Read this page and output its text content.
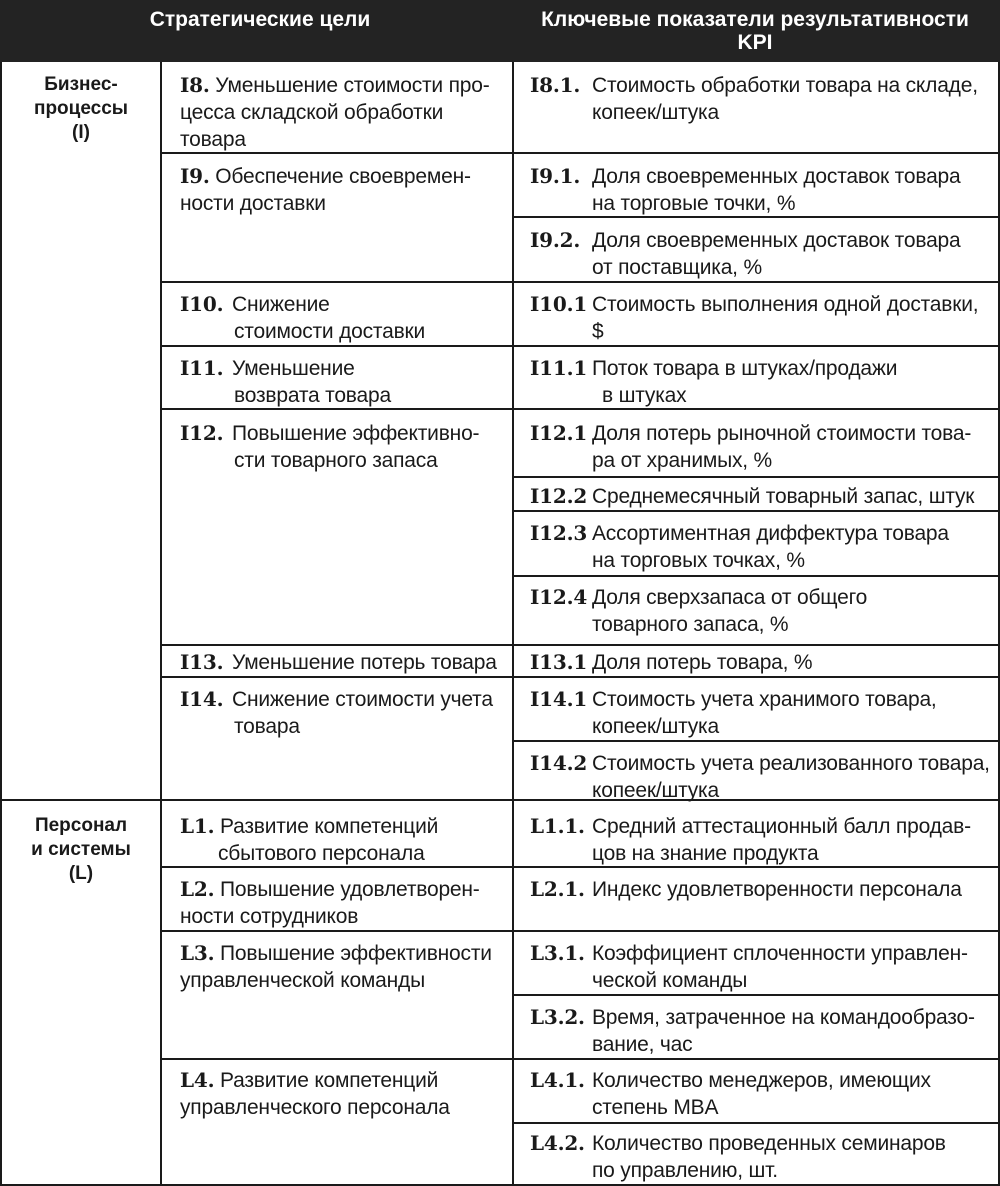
Стратегические цели	Ключевые показатели результативности
KPI
Бизнес-
процессы
(I)
Персонал
и системы
(L)
I8. Уменьшение стоимости про-
цесса складской обработки
товара
I9. Обеспечение своевремен-
ности доставки
I10. Снижение
стоимости доставки
I11. Уменьшение
возврата товара
I12. Повышение эффективно-
сти товарного запаса
I13. Уменьшение потерь товара
I14. Снижение стоимости учета
товара
L1. Развитие компетенций
сбытового персонала
L2. Повышение удовлетворен-
ности сотрудников
L3. Повышение эффективности
управленческой команды
L4. Развитие компетенций
управленческого персонала
I8.1. Стоимость обработки товара на складе,
копеек/штука
I9.1. Доля своевременных доставок товара
на торговые точки, %
I9.2. Доля своевременных доставок товара
от поставщика, %
I10.1 Стоимость выполнения одной доставки,
$
I11.1 Поток товара в штуках/продажи
в штуках
I12.1 Доля потерь рыночной стоимости това-
ра от хранимых, %
I12.2 Среднемесячный товарный запас, штук
I12.3 Ассортиментная диффектура товара
на торговых точках, %
I12.4 Доля сверхзапаса от общего
товарного запаса, %
I13.1 Доля потерь товара, %
I14.1 Стоимость учета хранимого товара,
копеек/штука
I14.2 Стоимость учета реализованного товара,
копеек/штука
L1.1. Средний аттестационный балл продав-
цов на знание продукта
L2.1. Индекс удовлетворенности персонала
L3.1. Коэффициент сплоченности управлен-
ческой команды
L3.2. Время, затраченное на командообразо-
вание, час
L4.1. Количество менеджеров, имеющих
степень MBA
L4.2. Количество проведенных семинаров
по управлению, шт.
